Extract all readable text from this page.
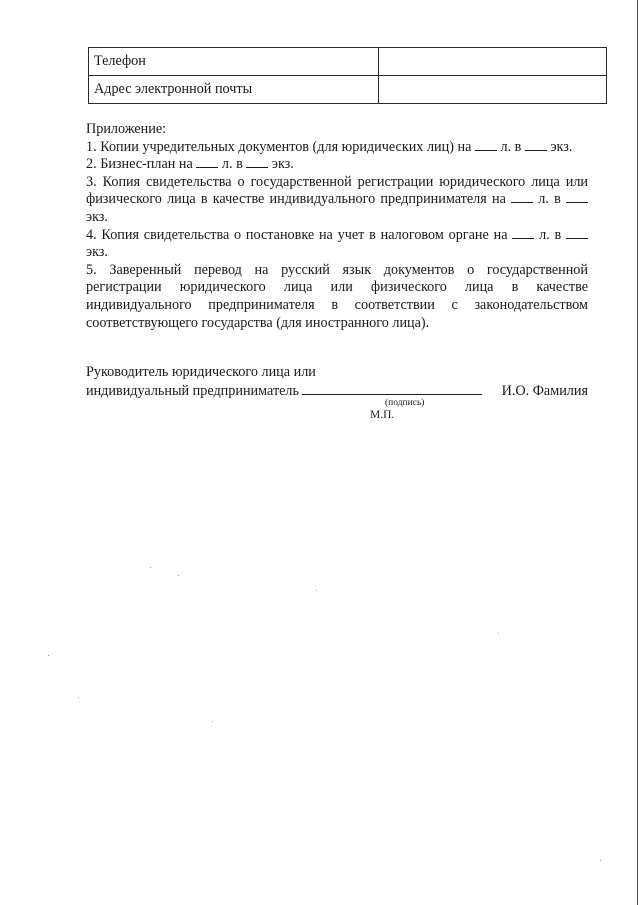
Телефон	
Адрес электронной почты	

Приложение:

1. Копии учредительных документов (для юридических лиц) на л. в экз.

2. Бизнес-план на л. в экз.

3. Копия свидетельства о государственной регистрации юридического лица или физического лица в качестве индивидуального предпринимателя на л. в  экз.

4. Копия свидетельства о постановке на учет в налоговом органе на л. в  экз.

5. Заверенный перевод на русский язык документов о государственной регистрации юридического лица или физического лица в качестве индивидуального предпринимателя в соответствии с законодательством соответствующего государства (для иностранного лица).

Руководитель юридического лица или

индивидуальный предприниматель	И.О. Фамилия

(подпись)
М.П.
